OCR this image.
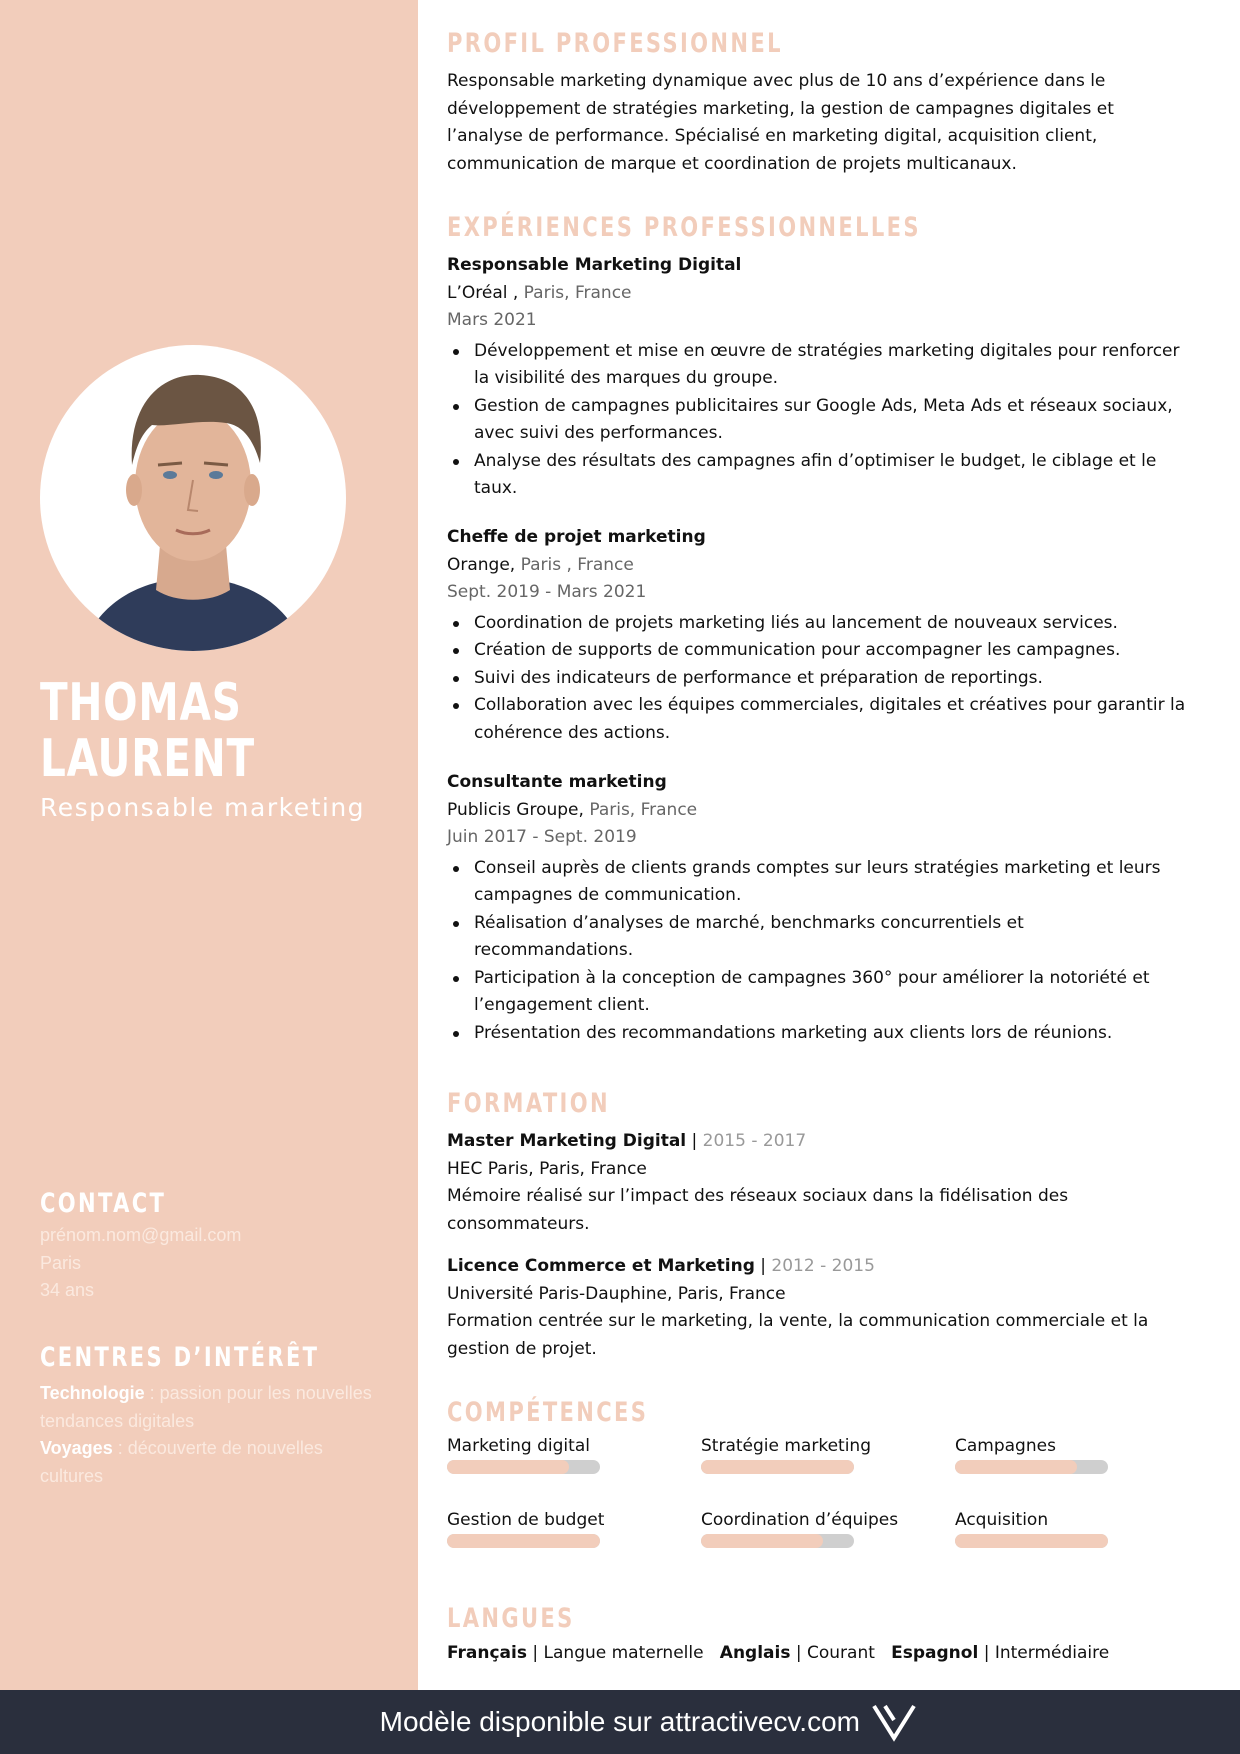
THOMAS
LAURENT
Responsable marketing
CONTACT
prénom.nom@gmail.com
Paris
34 ans
CENTRES D’INTÉRÊT
Technologie : passion pour les nouvelles tendances digitales
Voyages : découverte de nouvelles cultures
PROFIL PROFESSIONNEL
Responsable marketing dynamique avec plus de 10 ans d’expérience dans le développement de stratégies marketing, la gestion de campagnes digitales et l’analyse de performance. Spécialisé en marketing digital, acquisition client, communication de marque et coordination de projets multicanaux.
EXPÉRIENCES PROFESSIONNELLES

Responsable Marketing Digital

L’Oréal , Paris, France

Mars 2021

Développement et mise en œuvre de stratégies marketing digitales pour renforcer la visibilité des marques du groupe.
Gestion de campagnes publicitaires sur Google Ads, Meta Ads et réseaux sociaux, avec suivi des performances.
Analyse des résultats des campagnes afin d’optimiser le budget, le ciblage et le taux.

Cheffe de projet marketing

Orange, Paris , France

Sept. 2019 - Mars 2021

Coordination de projets marketing liés au lancement de nouveaux services.
Création de supports de communication pour accompagner les campagnes.
Suivi des indicateurs de performance et préparation de reportings.
Collaboration avec les équipes commerciales, digitales et créatives pour garantir la cohérence des actions.

Consultante marketing

Publicis Groupe, Paris, France

Juin 2017 - Sept. 2019

Conseil auprès de clients grands comptes sur leurs stratégies marketing et leurs campagnes de communication.
Réalisation d’analyses de marché, benchmarks concurrentiels et recommandations.
Participation à la conception de campagnes 360° pour améliorer la notoriété et l’engagement client.
Présentation des recommandations marketing aux clients lors de réunions.
FORMATION

Master Marketing Digital | 2015 - 2017

HEC Paris, Paris, France

Mémoire réalisé sur l’impact des réseaux sociaux dans la fidélisation des consommateurs.

Licence Commerce et Marketing | 2012 - 2015

Université Paris-Dauphine, Paris, France

Formation centrée sur le marketing, la vente, la communication commerciale et la gestion de projet.

COMPÉTENCES
Marketing digital	Stratégie marketing	Campagnes
Gestion de budget	Coordination d’équipes	Acquisition
LANGUES
Français | Langue maternelle Anglais | Courant Espagnol | Intermédiaire
Modèle disponible sur attractivecv.com
